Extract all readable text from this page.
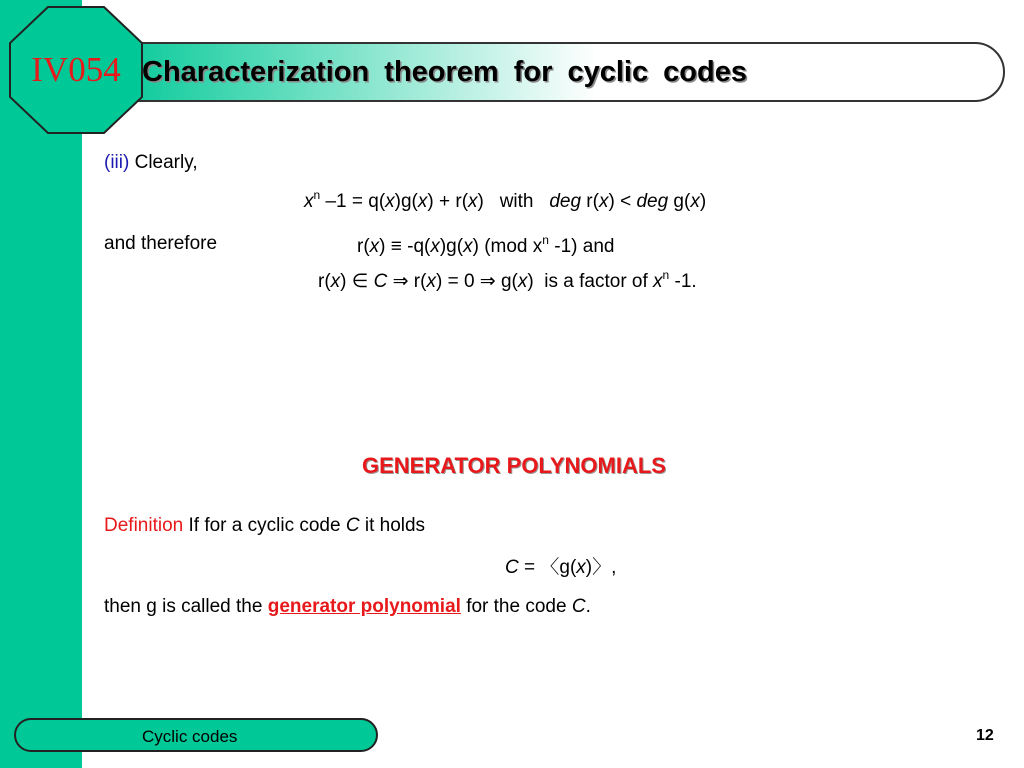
IV054 Characterization theorem for cyclic codes
(iii) Clearly,
$x^n$ –1 = q(x)g(x) + r(x)   with   deg r(x) < deg g(x)
and therefore	r(x) ≡ -q(x)g(x) (mod $x^n$ -1) and
r(x) ∈ C ⇒ r(x) = 0 ⇒ g(x)  is a factor of $x^n$ -1.
GENERATOR POLYNOMIALS
Definition If for a cyclic code C it holds
C = 〈g(x)〉,
then g is called the generator polynomial for the code C.
Cyclic codes	12
